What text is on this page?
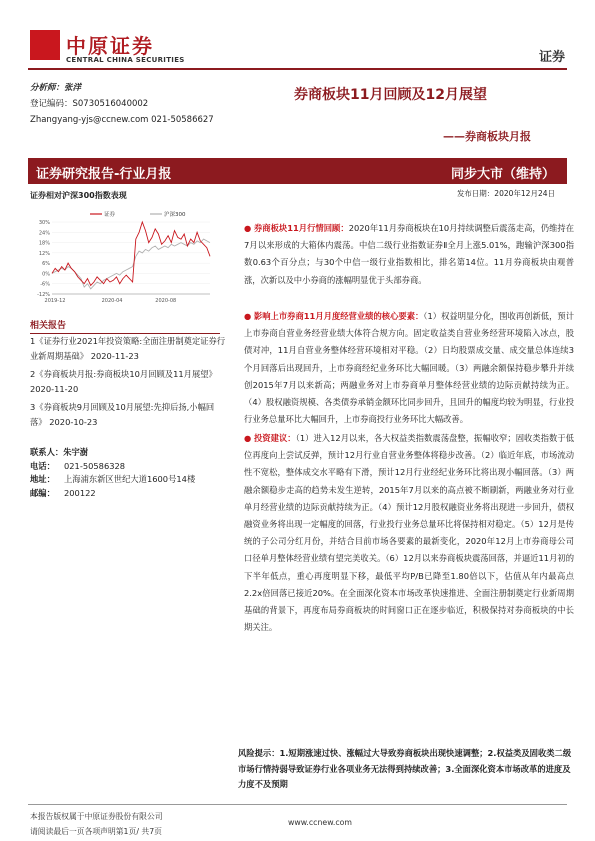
中原证券
CENTRAL CHINA SECURITIES	证券
分析师：张洋
登记编码：S0730516040002
Zhangyang-yjs@ccnew.com 021-50586627
券商板块11月回顾及12月展望
——券商板块月报
证券研究报告-行业月报	同步大市（维持）
发布日期：2020年12月24日
证券相对沪深300指数表现
30%
24%
18%
12%
6%
0%
-6%
-12%
2019-12	2020-04	2020-08
证券	沪深300
相关报告
1《证券行业2021年投资策略:全面注册制奠定证券行业新周期基础》 2020-11-23
2《券商板块月报:券商板块10月回顾及11月展望》 2020-11-20
3《券商板块9月回顾及10月展望:先抑后扬,小幅回落》 2020-10-23
联系人：朱宇澍
电话：	021-50586328
地址：	上海浦东新区世纪大道1600号14楼
邮编：	200122
● 券商板块11月行情回顾：2020年11月券商板块在10月持续调整后震荡走高，仍维持在7月以来形成的大箱体内震荡。中信二级行业指数证券Ⅱ全月上涨5.01%，跑输沪深300指数0.63个百分点；与30个中信一级行业指数相比，排名第14位。11月券商板块由观普涨，次新以及中小券商的涨幅明显优于头部券商。
● 影响上市券商11月月度经营业绩的核心要素：（1）权益明显分化，围收再创新低，预计上市券商自营业务经营业绩大体符合规方向。固定收益类自营业务经营环境陷入冰点，股债对冲，11月自营业务整体经营环境相对平稳。（2）日均股票成交量、成交量总体连续3个月回落后出现回升，上市券商经纪业务环比大幅回暖。（3）两融余额保持稳步攀升并续创2015年7月以来新高；两融业务对上市券商单月整体经营业绩的边际贡献持续为正。（4）股权融资规模、各类债券承销金额环比同步回升，且回升的幅度均较为明显，行业投行业务总量环比大幅回升，上市券商投行业务环比大幅改善。
● 投资建议：（1）进入12月以来，各大权益类指数震荡盘整，振幅收窄；固收类指数于低位再度向上尝试反弹，预计12月行业自营业务整体将稳步改善。（2）临近年底，市场流动性不宽松，整体成交水平略有下滑，预计12月行业经纪业务环比将出现小幅回落。（3）两融余额稳步走高的趋势未发生逆转，2015年7月以来的高点被不断刷新，两融业务对行业单月经营业绩的边际贡献持续为正。（4）预计12月股权融资业务将出现进一步回升，债权融资业务将出现一定幅度的回落，行业投行业务总量环比将保持相对稳定。（5）12月是传统的子公司分红月份，并结合目前市场各要素的最新变化，2020年12月上市券商母公司口径单月整体经营业绩有望完美收关。（6）12月以来券商板块震荡回落，并逼近11月初的下半年低点，重心再度明显下移，最低平均P/B已降至1.80倍以下，估值从年内最高点2.2x倍回落已接近20%。在全面深化资本市场改革快速推进、全面注册制奠定行业新周期基础的背景下，再度布局券商板块的时间窗口正在逐步临近，积极保持对券商板块的中长期关注。
风险提示：1.短期涨速过快、涨幅过大导致券商板块出现快速调整；2.权益类及固收类二级市场行情持弱导致证券行业各项业务无法得到持续改善；3.全面深化资本市场改革的进度及力度不及预期
本报告版权属于中原证券股份有限公司
www.ccnew.com
请阅读最后一页各项声明第1页/ 共7页
